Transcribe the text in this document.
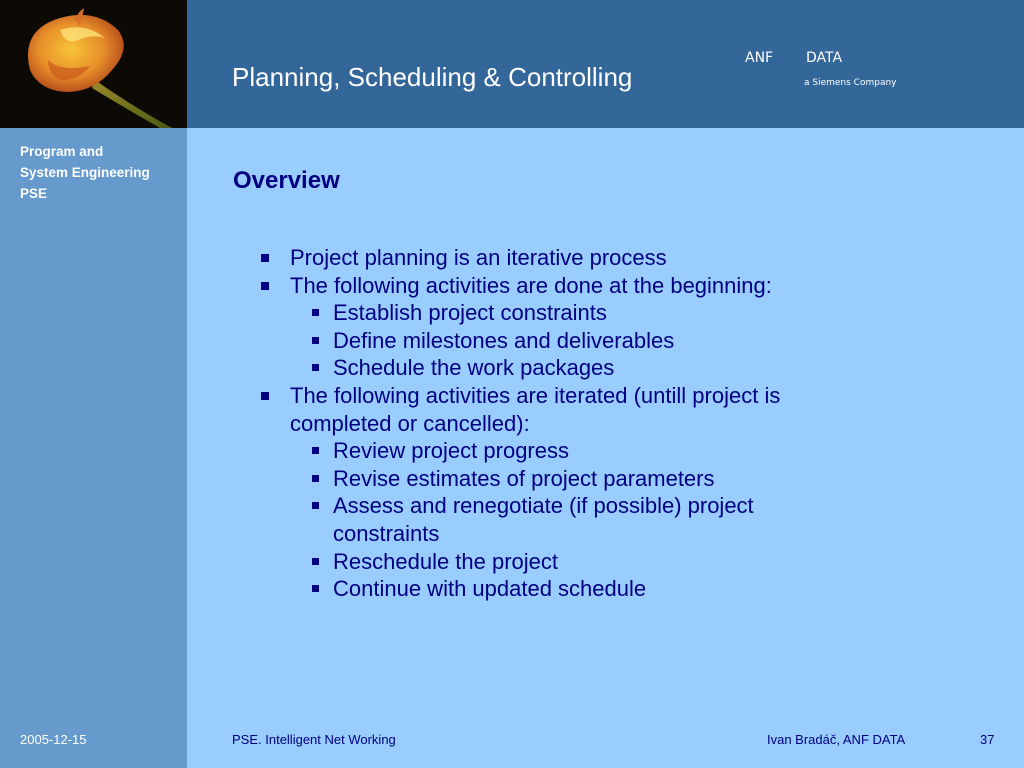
Planning, Scheduling & Controlling
ANF DATA
a Siemens Company
Program and
System Engineering
PSE	Overview
Project planning is an iterative process
The following activities are done at the beginning:
Establish project constraints
Define milestones and deliverables
Schedule the work packages
The following activities are iterated (untill project is
completed or cancelled):
Review project progress
Revise estimates of project parameters
Assess and renegotiate (if possible) project
constraints
Reschedule the project
Continue with updated schedule
2005-12-15	PSE. Intelligent Net Working	Ivan Bradáč, ANF DATA	37
